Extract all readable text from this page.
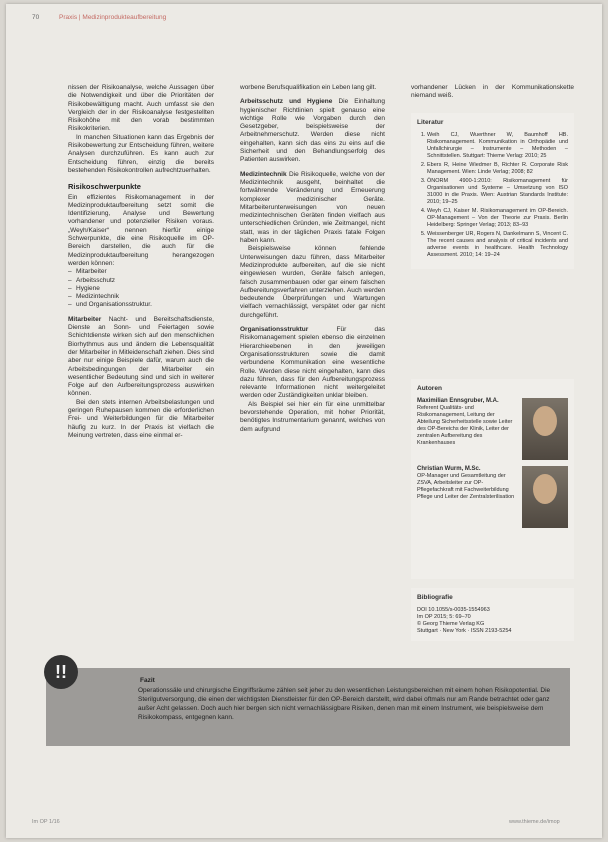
70	Praxis | Medizinprodukteaufbereitung

nissen der Risikoanalyse, welche Aussagen über die Notwendigkeit und über die Prioritäten der Risikobewältigung macht. Auch umfasst sie den Vergleich der in der Risikoanalyse festgestellten Risikohöhe mit den vorab bestimmten Risikokriterien.

In manchen Situationen kann das Ergebnis der Risikobewertung zur Entscheidung führen, weitere Analysen durchzuführen. Es kann auch zur Entscheidung führen, einzig die bereits bestehenden Risikokontrollen aufrechtzuerhalten.

Risikoschwerpunkte

Ein effizientes Risikomanagement in der Medizinproduktaufbereitung setzt somit die Identifizierung, Analyse und Bewertung vorhandener und potenzieller Risiken voraus. „Weyh/Kaiser“ nennen hierfür einige Schwerpunkte, die eine Risikoquelle im OP-Bereich darstellen, die auch für die Medizinproduktaufbereitung herangezogen werden können:

– Mitarbeiter
– Arbeitsschutz
– Hygiene
– Medizintechnik
– und Organisationsstruktur.

Mitarbeiter Nacht- und Bereitschaftsdienste, Dienste an Sonn- und Feiertagen sowie Schichtdienste wirken sich auf den menschlichen Biorhythmus aus und ändern die Lebensqualität der Mitarbeiter in Mitleidenschaft ziehen. Dies sind aber nur einige Beispiele dafür, warum auch die Arbeitsbedingungen der Mitarbeiter ein wesentlicher Bedeutung sind und sich in weiterer Folge auf den Aufbereitungsprozess auswirken können.

Bei den stets internen Arbeitsbelastungen und geringen Ruhepausen kommen die erforderlichen Frei- und Weiterbildungen für die Mitarbeiter häufig zu kurz. In der Praxis ist vielfach die Meinung vertreten, dass eine einmal er-

worbene Berufsqualifikation ein Leben lang gilt.

Arbeitsschutz und Hygiene Die Einhaltung hygienischer Richtlinien spielt genauso eine wichtige Rolle wie Vorgaben durch den Gesetzgeber, beispielsweise der Arbeitnehmerschutz. Werden diese nicht eingehalten, kann sich das eins zu eins auf die Sicherheit und den Behandlungserfolg des Patienten auswirken.

Medizintechnik Die Risikoquelle, welche von der Medizintechnik ausgeht, beinhaltet die fortwährende Veränderung und Erneuerung komplexer medizinischer Geräte. Mitarbeiterunterweisungen von neuen medizintechnischen Geräten finden vielfach aus unterschiedlichen Gründen, wie Zeitmangel, nicht statt, was in der täglichen Praxis fatale Folgen haben kann.

Beispielsweise können fehlende Unterweisungen dazu führen, dass Mitarbeiter Medizinprodukte aufbereiten, auf die sie nicht eingewiesen wurden, Geräte falsch anlegen, falsch zusammenbauen oder gar einem falschen Aufbereitungsverfahren unterziehen. Auch werden bedeutende Überprüfungen und Wartungen vielfach vernachlässigt, verspätet oder gar nicht durchgeführt.

Organisationsstruktur	Für das Risikomanagement spielen ebenso die einzelnen Hierarchieebenen in den jeweiligen Organisationsstrukturen sowie die damit verbundene Kommunikation eine wesentliche Rolle. Werden diese nicht eingehalten, kann dies dazu führen, dass für den Aufbereitungsprozess relevante Informationen nicht weitergeleitet werden oder Zuständigkeiten unklar bleiben.

Als Beispiel sei hier ein für eine unmittelbar bevorstehende Operation, mit hoher Priorität, benötigtes Instrumentarium genannt, welches von dem aufgrund

vorhandener Lücken in der Kommunikationskette niemand weiß.

Literatur
1. Weih CJ, Wuerthner W, Baumhoff HB. Risikomanagement. Kommunikation in Orthopädie und Unfallchirurgie – Instrumente – Methoden – Schnittstellen. Stuttgart: Thieme Verlag: 2010; 25
2. Ebers R, Heine Wiedmer B, Richter R. Corporate Risk Management. Wien: Linde Verlag; 2008; 82
3. ÖNORM 4900-1:2010: Risikomanagement für Organisationen und Systeme – Umsetzung von ISO 31000 in die Praxis. Wien: Austrian Standards Institute: 2010; 19–25
4. Weyh CJ, Kaiser M. Risikomanagement im OP-Bereich. OP-Management – Von der Theorie zur Praxis. Berlin Heidelberg: Springer Verlag; 2013; 83–93
5. Weissenberger UR, Rogers N, Dankelmann S, Vincent C. The recent causes and analysis of critical incidents and adverse events in healthcare. Health Technology Assessment. 2010; 14: 19–24
Autoren
Maximilian Ennsgruber, M.A.
Referent Qualitäts- und Risikomanagement, Leitung der Abteilung Sicherheitsstelle sowie Leiter des OP-Bereichs der Klinik, Leiter der zentralen Aufbereitung des Krankenhauses
Christian Wurm, M.Sc.
OP-Manager und Gesamtleitung der ZSVA, Arbeitsleiter zur OP-Pflegefachkraft mit Fachweiterbildung Pflege und Leiter der Zentralsterilisation
Bibliografie
DOI 10.1055/s-0035-1554963
Im OP 2015; 5: 69–70
© Georg Thieme Verlag KG
Stuttgart · New York · ISSN 2193-5254
Fazit

Operationssäle und chirurgische Eingriffsräume zählen seit jeher zu den wesentlichen Leistungsbereichen mit einem hohen Risikopotential. Die Sterilgutversorgung, die einen der wichtigsten Dienstleister für den OP-Bereich darstellt, wird dabei oftmals nur am Rande betrachtet oder ganz außer Acht gelassen. Doch auch hier bergen sich nicht vernachlässigbare Risiken, denen man mit einem Instrument, wie beispielsweise dem Risikokompass, entgegnen kann.

!!
Im OP 1/16	www.thieme.de/imop
